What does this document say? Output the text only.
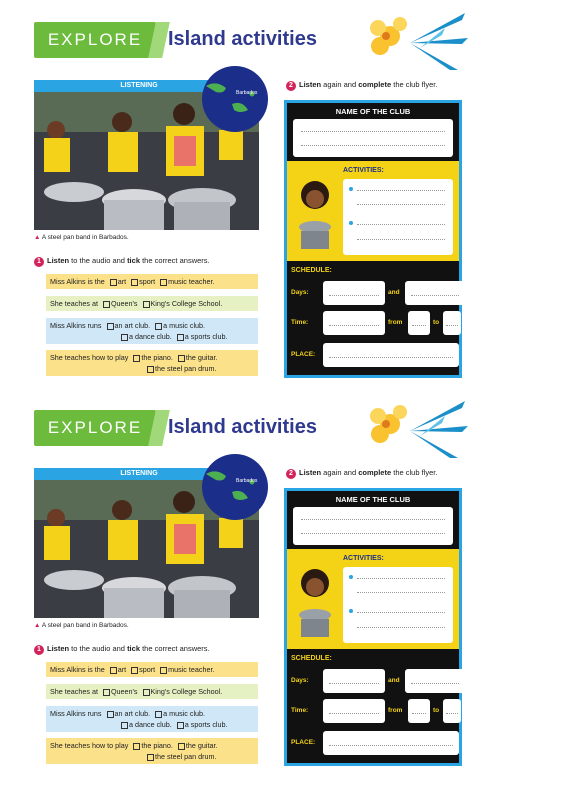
EXPLORE	Island activities
LISTENING
Barbados
▲ A steel pan band in Barbados.
1 Listen to the audio and tick the correct answers.
Miss Alkins is the art sport music teacher.
She teaches at Queen's King's College School.
Miss Alkins runs an art club. a music club.
a dance club. a sports club.
She teaches how to play the piano. the guitar.
the steel pan drum.
2 Listen again and complete the club flyer.
NAME OF THE CLUB
ACTIVITIES:
SCHEDULE:
Days:	and
Time:	from	to
PLACE:
EXPLORE	Island activities
LISTENING
Barbados
▲ A steel pan band in Barbados.
1 Listen to the audio and tick the correct answers.
Miss Alkins is the art sport music teacher.
She teaches at Queen's King's College School.
Miss Alkins runs an art club. a music club.
a dance club. a sports club.
She teaches how to play the piano. the guitar.
the steel pan drum.
2 Listen again and complete the club flyer.
NAME OF THE CLUB
ACTIVITIES:
SCHEDULE:
Days:	and
Time:	from	to
PLACE:
